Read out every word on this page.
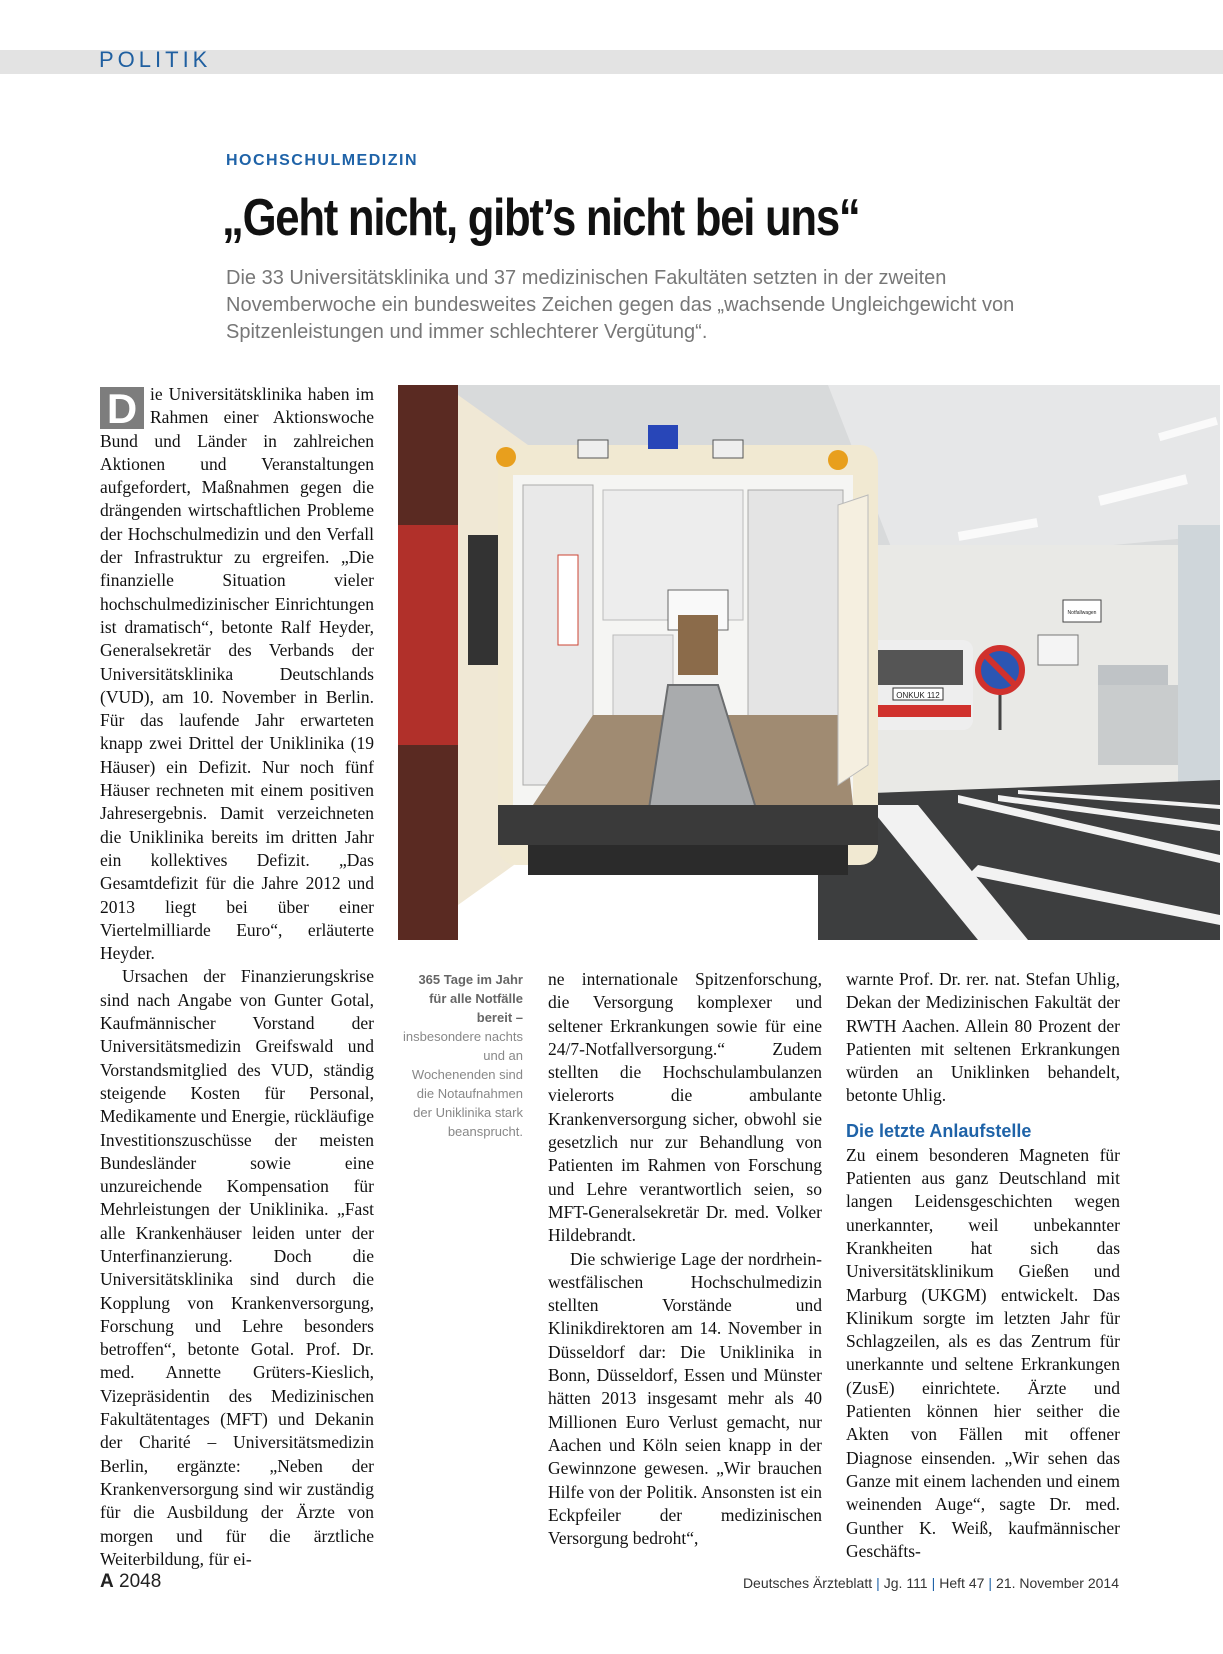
POLITIK
HOCHSCHULMEDIZIN
„Geht nicht, gibt’s nicht bei uns“
Die 33 Universitätsklinika und 37 medizinischen Fakultäten setzten in der zweiten Novemberwoche ein bundesweites Zeichen gegen das „wachsende Ungleichgewicht von Spitzenleistungen und immer schlechterer Vergütung“.

D ie Universitätsklinika haben im Rahmen einer Aktionswoche Bund und Länder in zahlreichen Aktionen und Veranstaltungen aufgefordert, Maßnahmen gegen die drängenden wirtschaftlichen Probleme der Hochschulmedizin und den Verfall der Infrastruktur zu ergreifen. „Die finanzielle Situation vieler hochschulmedizinischer Einrichtungen ist dramatisch“, betonte Ralf Heyder, Generalsekretär des Verbands der Universitätsklinika Deutschlands (VUD), am 10. November in Berlin. Für das laufende Jahr erwarteten knapp zwei Drittel der Uniklinika (19 Häuser) ein Defizit. Nur noch fünf Häuser rechneten mit einem positiven Jahresergebnis. Damit verzeichneten die Uniklinika bereits im dritten Jahr ein kollektives Defizit. „Das Gesamtdefizit für die Jahre 2012 und 2013 liegt bei über einer Viertelmilliarde Euro“, erläuterte Heyder.

Ursachen der Finanzierungskrise sind nach Angabe von Gunter Gotal, Kaufmännischer Vorstand der Universitätsmedizin Greifswald und Vorstandsmitglied des VUD, ständig steigende Kosten für Personal, Medikamente und Energie, rückläufige Investitionszuschüsse der meisten Bundesländer sowie eine unzureichende Kompensation für Mehrleistungen der Uniklinika. „Fast alle Krankenhäuser leiden unter der Unterfinanzierung. Doch die Universitätsklinika sind durch die Kopplung von Krankenversorgung, Forschung und Lehre besonders betroffen“, betonte Gotal. Prof. Dr. med. Annette Grüters-Kieslich, Vizepräsidentin des Medizinischen Fakultätentages (MFT) und Dekanin der Charité – Universitätsmedizin Berlin, ergänzte: „Neben der Krankenversorgung sind wir zuständig für die Ausbildung der Ärzte von morgen und für die ärztliche Weiterbildung, für ei-

ONKUK 112
Notfallwagen
365 Tage im Jahr für alle Notfälle bereit – insbesondere nachts und an Wochenenden sind die Notaufnahmen der Uniklinika stark beansprucht.

ne internationale Spitzenforschung, die Versorgung komplexer und seltener Erkrankungen sowie für eine 24/7-Notfallversorgung.“ Zudem stellten die Hochschulambulanzen vielerorts die ambulante Krankenversorgung sicher, obwohl sie gesetzlich nur zur Behandlung von Patienten im Rahmen von Forschung und Lehre verantwortlich seien, so MFT-Generalsekretär Dr. med. Volker Hildebrandt.

Die schwierige Lage der nordrhein-westfälischen Hochschulmedizin stellten Vorstände und Klinikdirektoren am 14. November in Düsseldorf dar: Die Uniklinika in Bonn, Düsseldorf, Essen und Münster hätten 2013 insgesamt mehr als 40 Millionen Euro Verlust gemacht, nur Aachen und Köln seien knapp in der Gewinnzone gewesen. „Wir brauchen Hilfe von der Politik. Ansonsten ist ein Eckpfeiler der medizinischen Versorgung bedroht“,

warnte Prof. Dr. rer. nat. Stefan Uhlig, Dekan der Medizinischen Fakultät der RWTH Aachen. Allein 80 Prozent der Patienten mit seltenen Erkrankungen würden an Uniklinken behandelt, betonte Uhlig.

Die letzte Anlaufstelle

Zu einem besonderen Magneten für Patienten aus ganz Deutschland mit langen Leidensgeschichten wegen unerkannter, weil unbekannter Krankheiten hat sich das Universitätsklinikum Gießen und Marburg (UKGM) entwickelt. Das Klinikum sorgte im letzten Jahr für Schlagzeilen, als es das Zentrum für unerkannte und seltene Erkrankungen (ZusE) einrichtete. Ärzte und Patienten können hier seither die Akten von Fällen mit offener Diagnose einsenden. „Wir sehen das Ganze mit einem lachenden und einem weinenden Auge“, sagte Dr. med. Gunther K. Weiß, kaufmännischer Geschäfts-

A 2048	Deutsches Ärzteblatt | Jg. 111 | Heft 47 | 21. November 2014
